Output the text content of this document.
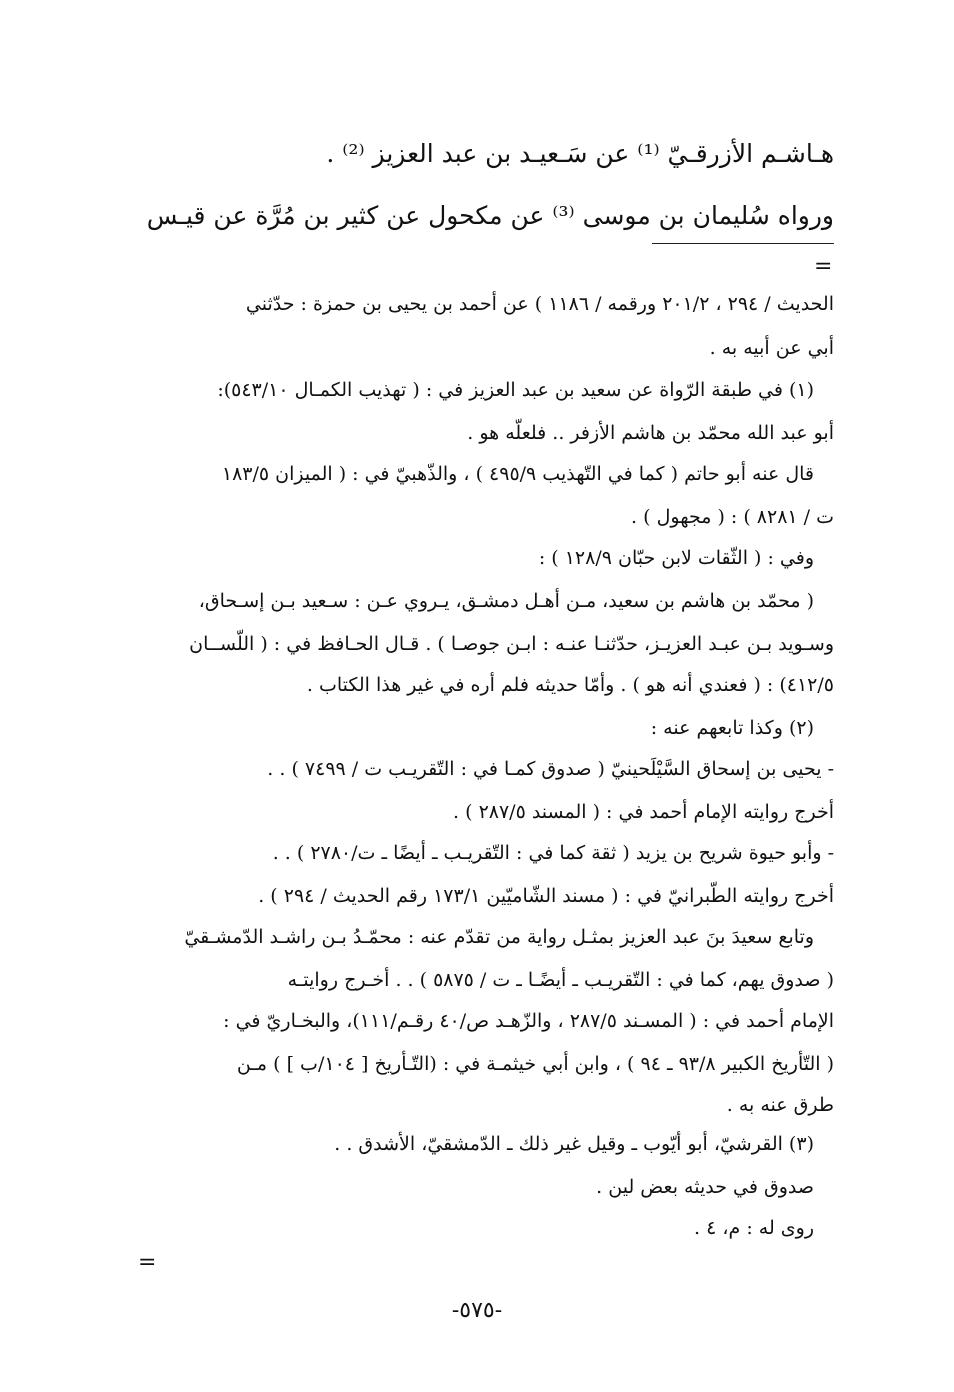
هـاشـم الأزرقـيّ ⁽¹⁾ عن سَـعيـد بن عبد العزيز ⁽²⁾ .

ورواه سُليمان بن موسى ⁽³⁾ عن مكحول عن كثير بن مُرَّة عن قيـس

=

الحديث / ٢٩٤ ، ٢٠١/٢ ورقمه / ١١٨٦ ) عن أحمد بن يحيى بن حمزة : حدّثني

أبي عن أبيه به .

(١) في طبقة الرّواة عن سعيد بن عبد العزيز في : ( تهذيب الكمـال ٥٤٣/١٠):

أبو عبد الله محمّد بن هاشم الأزفر .. فلعلّه هو .

قال عنه أبو حاتم ( كما في التّهذيب ٤٩٥/٩ ) ، والذّهبيّ في : ( الميزان ١٨٣/٥

ت / ٨٢٨١ ) : ( مجهول ) .

وفي : ( الثّقات لابن حبّان ١٢٨/٩ ) :

( محمّد بن هاشم بن سعيد، مـن أهـل دمشـق، يـروي عـن : سـعيد بـن إسـحاق،

وسـويد بـن عبـد العزيـز، حدّثنـا عنـه : ابـن جوصـا ) . قـال الحـافظ في : ( اللّســان

٤١٢/٥) : ( فعندي أنه هو ) . وأمّا حديثه فلم أره في غير هذا الكتاب .

(٢) وكذا تابعهم عنه :

- يحيى بن إسحاق السَّيْلَحينيّ ( صدوق كمـا في : التّقريـب ت / ٧٤٩٩ ) . .

أخرج روايته الإمام أحمد في : ( المسند ٢٨٧/٥ ) .

- وأبو حيوة شريح بن يزيد ( ثقة كما في : التّقريـب ـ أيضًا ـ ت/٢٧٨٠ ) . .

أخرج روايته الطّبرانيّ في : ( مسند الشّاميّين ١٧٣/١ رقم الحديث / ٢٩٤ ) .

وتابع سعيدَ بنَ عبد العزيز بمثـل رواية من تقدّم عنه : محمّـدُ بـن راشـد الدّمشـقيّ

( صدوق يهم، كما في : التّقريـب ـ أيضًـا ـ ت / ٥٨٧٥ ) . . أخـرج روايتـه

الإمام أحمد في : ( المسـند ٢٨٧/٥ ، والزّهـد ص/٤٠ رقـم/١١١)، والبخـاريّ في :

( التّأريخ الكبير ٩٣/٨ ـ ٩٤ ) ، وابن أبي خيثمـة في : (التّـأريخ [ ١٠٤/ب ] ) مـن

طرق عنه به .

(٣) القرشيّ، أبو أيّوب ـ وقيل غير ذلك ـ الدّمشقيّ، الأشدق . .

صدوق في حديثه بعض لين .

روى له : م، ٤ .

=
-٥٧٥-
